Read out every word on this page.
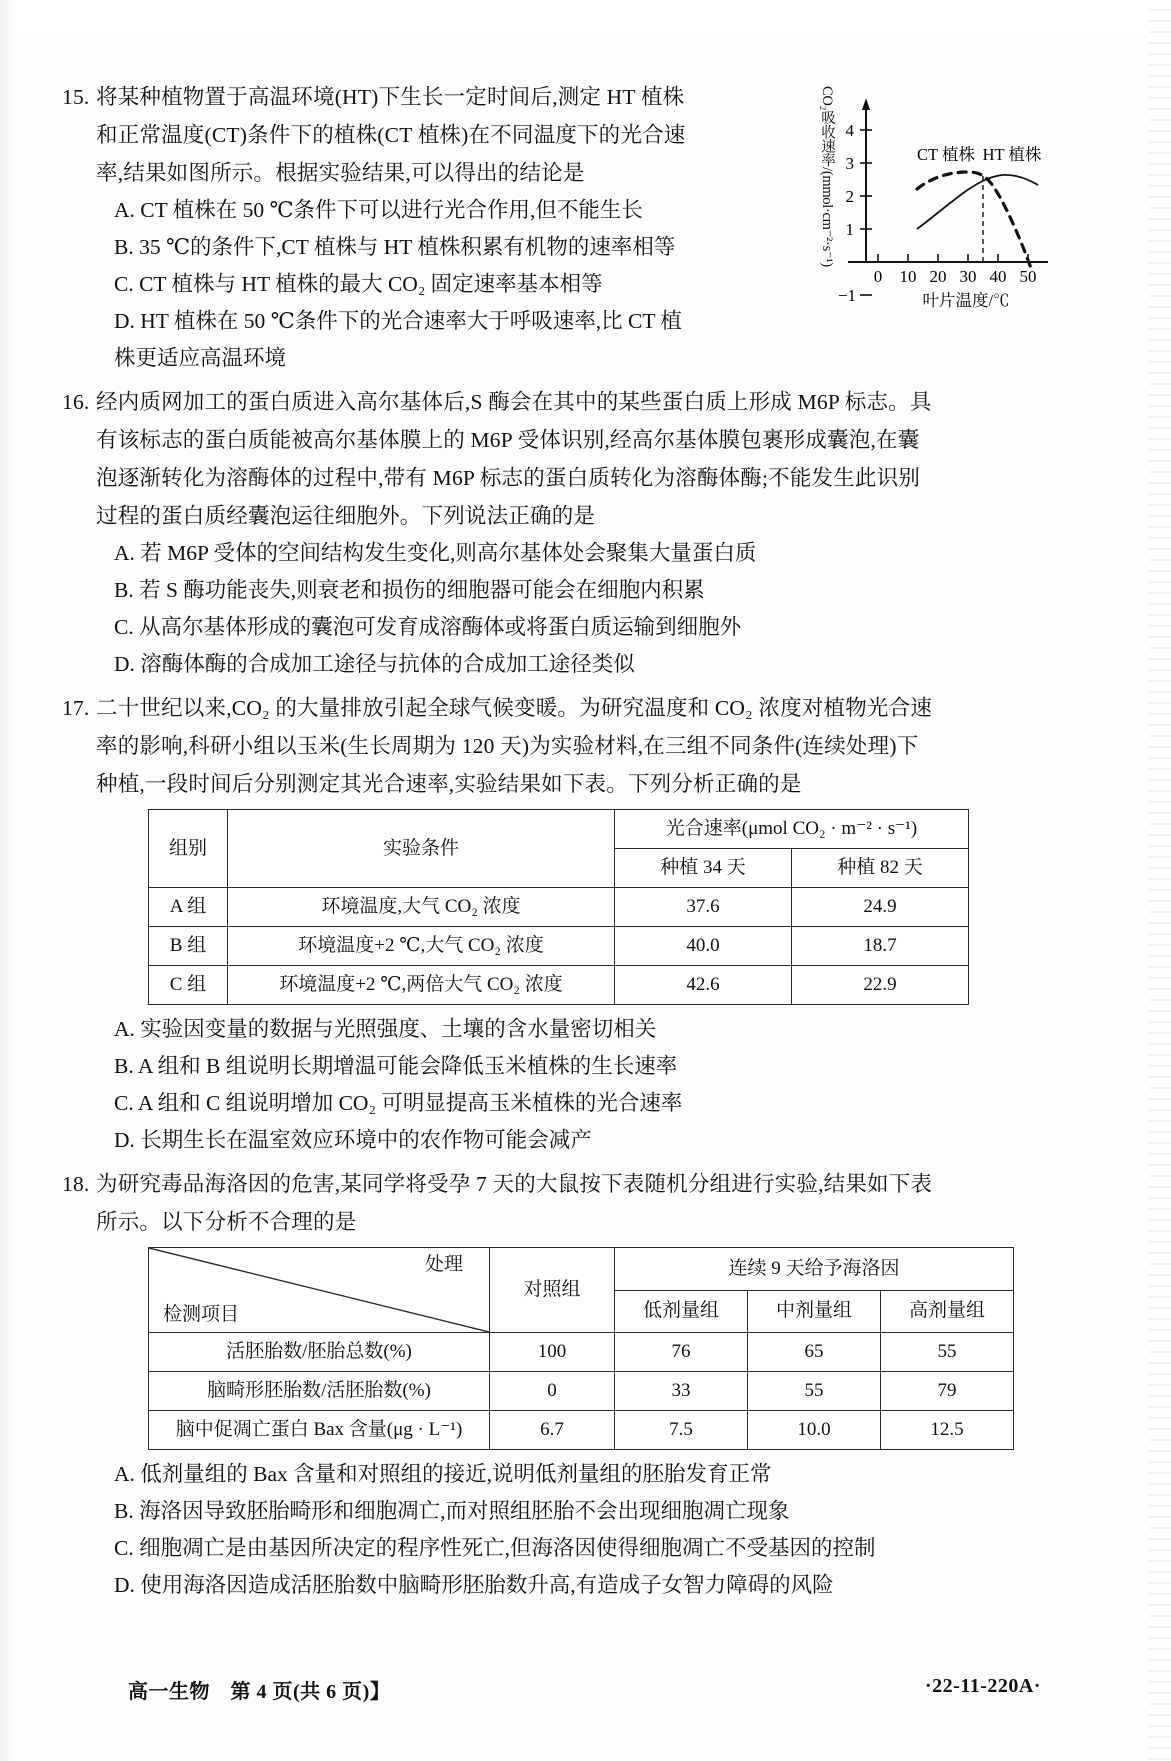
15. 将某种植物置于高温环境(HT)下生长一定时间后,测定 HT 植株
和正常温度(CT)条件下的植株(CT 植株)在不同温度下的光合速
率,结果如图所示。根据实验结果,可以得出的结论是
A. CT 植株在 50 ℃条件下可以进行光合作用,但不能生长
B. 35 ℃的条件下,CT 植株与 HT 植株积累有机物的速率相等
C. CT 植株与 HT 植株的最大 CO₂ 固定速率基本相等
D. HT 植株在 50 ℃条件下的光合速率大于呼吸速率,比 CT 植
株更适应高温环境
CO₂吸收速率/(mmol·cm⁻²·s⁻¹) 4
3
2
1
−1
0 10 20 30 40 50
CT 植株 HT 植株
叶片温度/℃
16. 经内质网加工的蛋白质进入高尔基体后,S 酶会在其中的某些蛋白质上形成 M6P 标志。具
有该标志的蛋白质能被高尔基体膜上的 M6P 受体识别,经高尔基体膜包裹形成囊泡,在囊
泡逐渐转化为溶酶体的过程中,带有 M6P 标志的蛋白质转化为溶酶体酶;不能发生此识别
过程的蛋白质经囊泡运往细胞外。下列说法正确的是
A. 若 M6P 受体的空间结构发生变化,则高尔基体处会聚集大量蛋白质
B. 若 S 酶功能丧失,则衰老和损伤的细胞器可能会在细胞内积累
C. 从高尔基体形成的囊泡可发育成溶酶体或将蛋白质运输到细胞外
D. 溶酶体酶的合成加工途径与抗体的合成加工途径类似
17. 二十世纪以来,CO₂ 的大量排放引起全球气候变暖。为研究温度和 CO₂ 浓度对植物光合速
率的影响,科研小组以玉米(生长周期为 120 天)为实验材料,在三组不同条件(连续处理)下
种植,一段时间后分别测定其光合速率,实验结果如下表。下列分析正确的是
组别	实验条件	光合速率(μmol CO₂ · m⁻² · s⁻¹)	
		种植 34 天	种植 82 天
A 组	环境温度,大气 CO₂ 浓度	37.6	24.9
B 组	环境温度+2 ℃,大气 CO₂ 浓度	40.0	18.7
C 组	环境温度+2 ℃,两倍大气 CO₂ 浓度	42.6	22.9
A. 实验因变量的数据与光照强度、土壤的含水量密切相关
B. A 组和 B 组说明长期增温可能会降低玉米植株的生长速率
C. A 组和 C 组说明增加 CO₂ 可明显提高玉米植株的光合速率
D. 长期生长在温室效应环境中的农作物可能会减产
18. 为研究毒品海洛因的危害,某同学将受孕 7 天的大鼠按下表随机分组进行实验,结果如下表
所示。以下分析不合理的是
处理
检测项目	对照组	连续 9 天给予海洛因		
		低剂量组	中剂量组	高剂量组
活胚胎数/胚胎总数(%)	100	76	65	55
脑畸形胚胎数/活胚胎数(%)	0	33	55	79
脑中促凋亡蛋白 Bax 含量(μg · L⁻¹)	6.7	7.5	10.0	12.5
A. 低剂量组的 Bax 含量和对照组的接近,说明低剂量组的胚胎发育正常
B. 海洛因导致胚胎畸形和细胞凋亡,而对照组胚胎不会出现细胞凋亡现象
C. 细胞凋亡是由基因所决定的程序性死亡,但海洛因使得细胞凋亡不受基因的控制
D. 使用海洛因造成活胚胎数中脑畸形胚胎数升高,有造成子女智力障碍的风险
高一生物　第 4 页(共 6 页)】	·22-11-220A·
